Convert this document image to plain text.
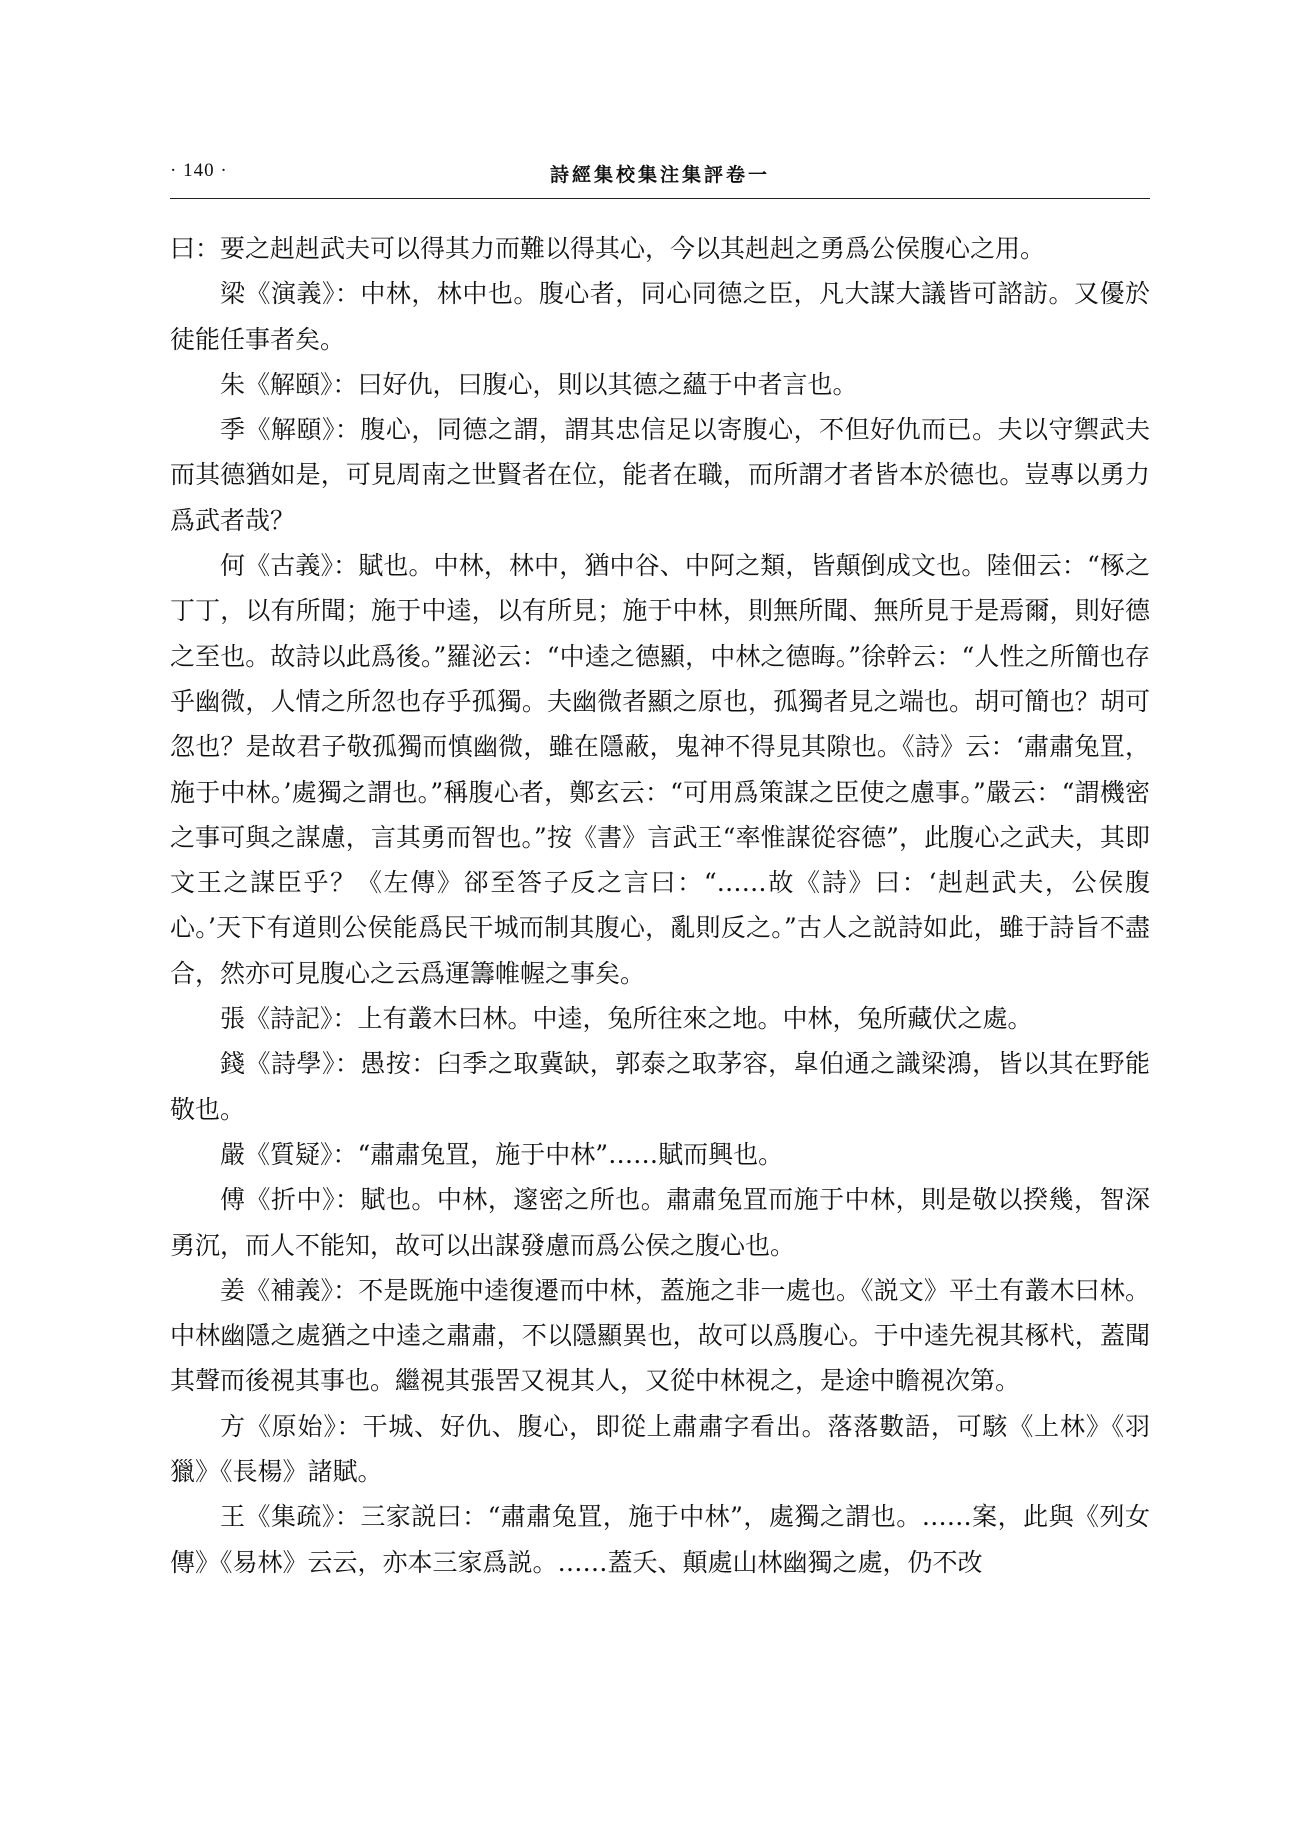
· 140 ·	詩經集校集注集評卷一

曰：要之赳赳武夫可以得其力而難以得其心，今以其赳赳之勇爲公侯腹心之用。

梁《演義》：中林，林中也。腹心者，同心同德之臣，凡大謀大議皆可諮訪。又優於徒能任事者矣。

朱《解頤》：曰好仇，曰腹心，則以其德之蘊于中者言也。

季《解頤》：腹心，同德之謂，謂其忠信足以寄腹心，不但好仇而已。夫以守禦武夫而其德猶如是，可見周南之世賢者在位，能者在職，而所謂才者皆本於德也。豈專以勇力爲武者哉？

何《古義》：賦也。中林，林中，猶中谷、中阿之類，皆顛倒成文也。陸佃云：“椓之丁丁，以有所聞；施于中逵，以有所見；施于中林，則無所聞、無所見于是焉爾，則好德之至也。故詩以此爲後。”羅泌云：“中逵之德顯，中林之德晦。”徐幹云：“人性之所簡也存乎幽微，人情之所忽也存乎孤獨。夫幽微者顯之原也，孤獨者見之端也。胡可簡也？胡可忽也？是故君子敬孤獨而慎幽微，雖在隱蔽，鬼神不得見其隙也。《詩》云：‘肅肅兔罝，施于中林。’處獨之謂也。”稱腹心者，鄭玄云：“可用爲策謀之臣使之慮事。”嚴云：“謂機密之事可與之謀慮，言其勇而智也。”按《書》言武王“率惟謀從容德”，此腹心之武夫，其即文王之謀臣乎？《左傳》郤至答子反之言曰：“……故《詩》曰：‘赳赳武夫，公侯腹心。’天下有道則公侯能爲民干城而制其腹心，亂則反之。”古人之説詩如此，雖于詩旨不盡合，然亦可見腹心之云爲運籌帷幄之事矣。

張《詩記》：上有叢木曰林。中逵，兔所往來之地。中林，兔所藏伏之處。

錢《詩學》：愚按：臼季之取冀缺，郭泰之取茅容，皐伯通之識梁鴻，皆以其在野能敬也。

嚴《質疑》：“肅肅兔罝，施于中林”……賦而興也。

傅《折中》：賦也。中林，邃密之所也。肅肅兔罝而施于中林，則是敬以揆幾，智深勇沉，而人不能知，故可以出謀發慮而爲公侯之腹心也。

姜《補義》：不是既施中逵復遷而中林，蓋施之非一處也。《説文》平土有叢木曰林。中林幽隱之處猶之中逵之肅肅，不以隱顯異也，故可以爲腹心。于中逵先視其椓杙，蓋聞其聲而後視其事也。繼視其張罟又視其人，又從中林視之，是途中瞻視次第。

方《原始》：干城、好仇、腹心，即從上肅肅字看出。落落數語，可駭《上林》《羽獵》《長楊》諸賦。

王《集疏》：三家説曰：“肅肅兔罝，施于中林”，處獨之謂也。……案，此與《列女傳》《易林》云云，亦本三家爲説。……蓋夭、顛處山林幽獨之處，仍不改
